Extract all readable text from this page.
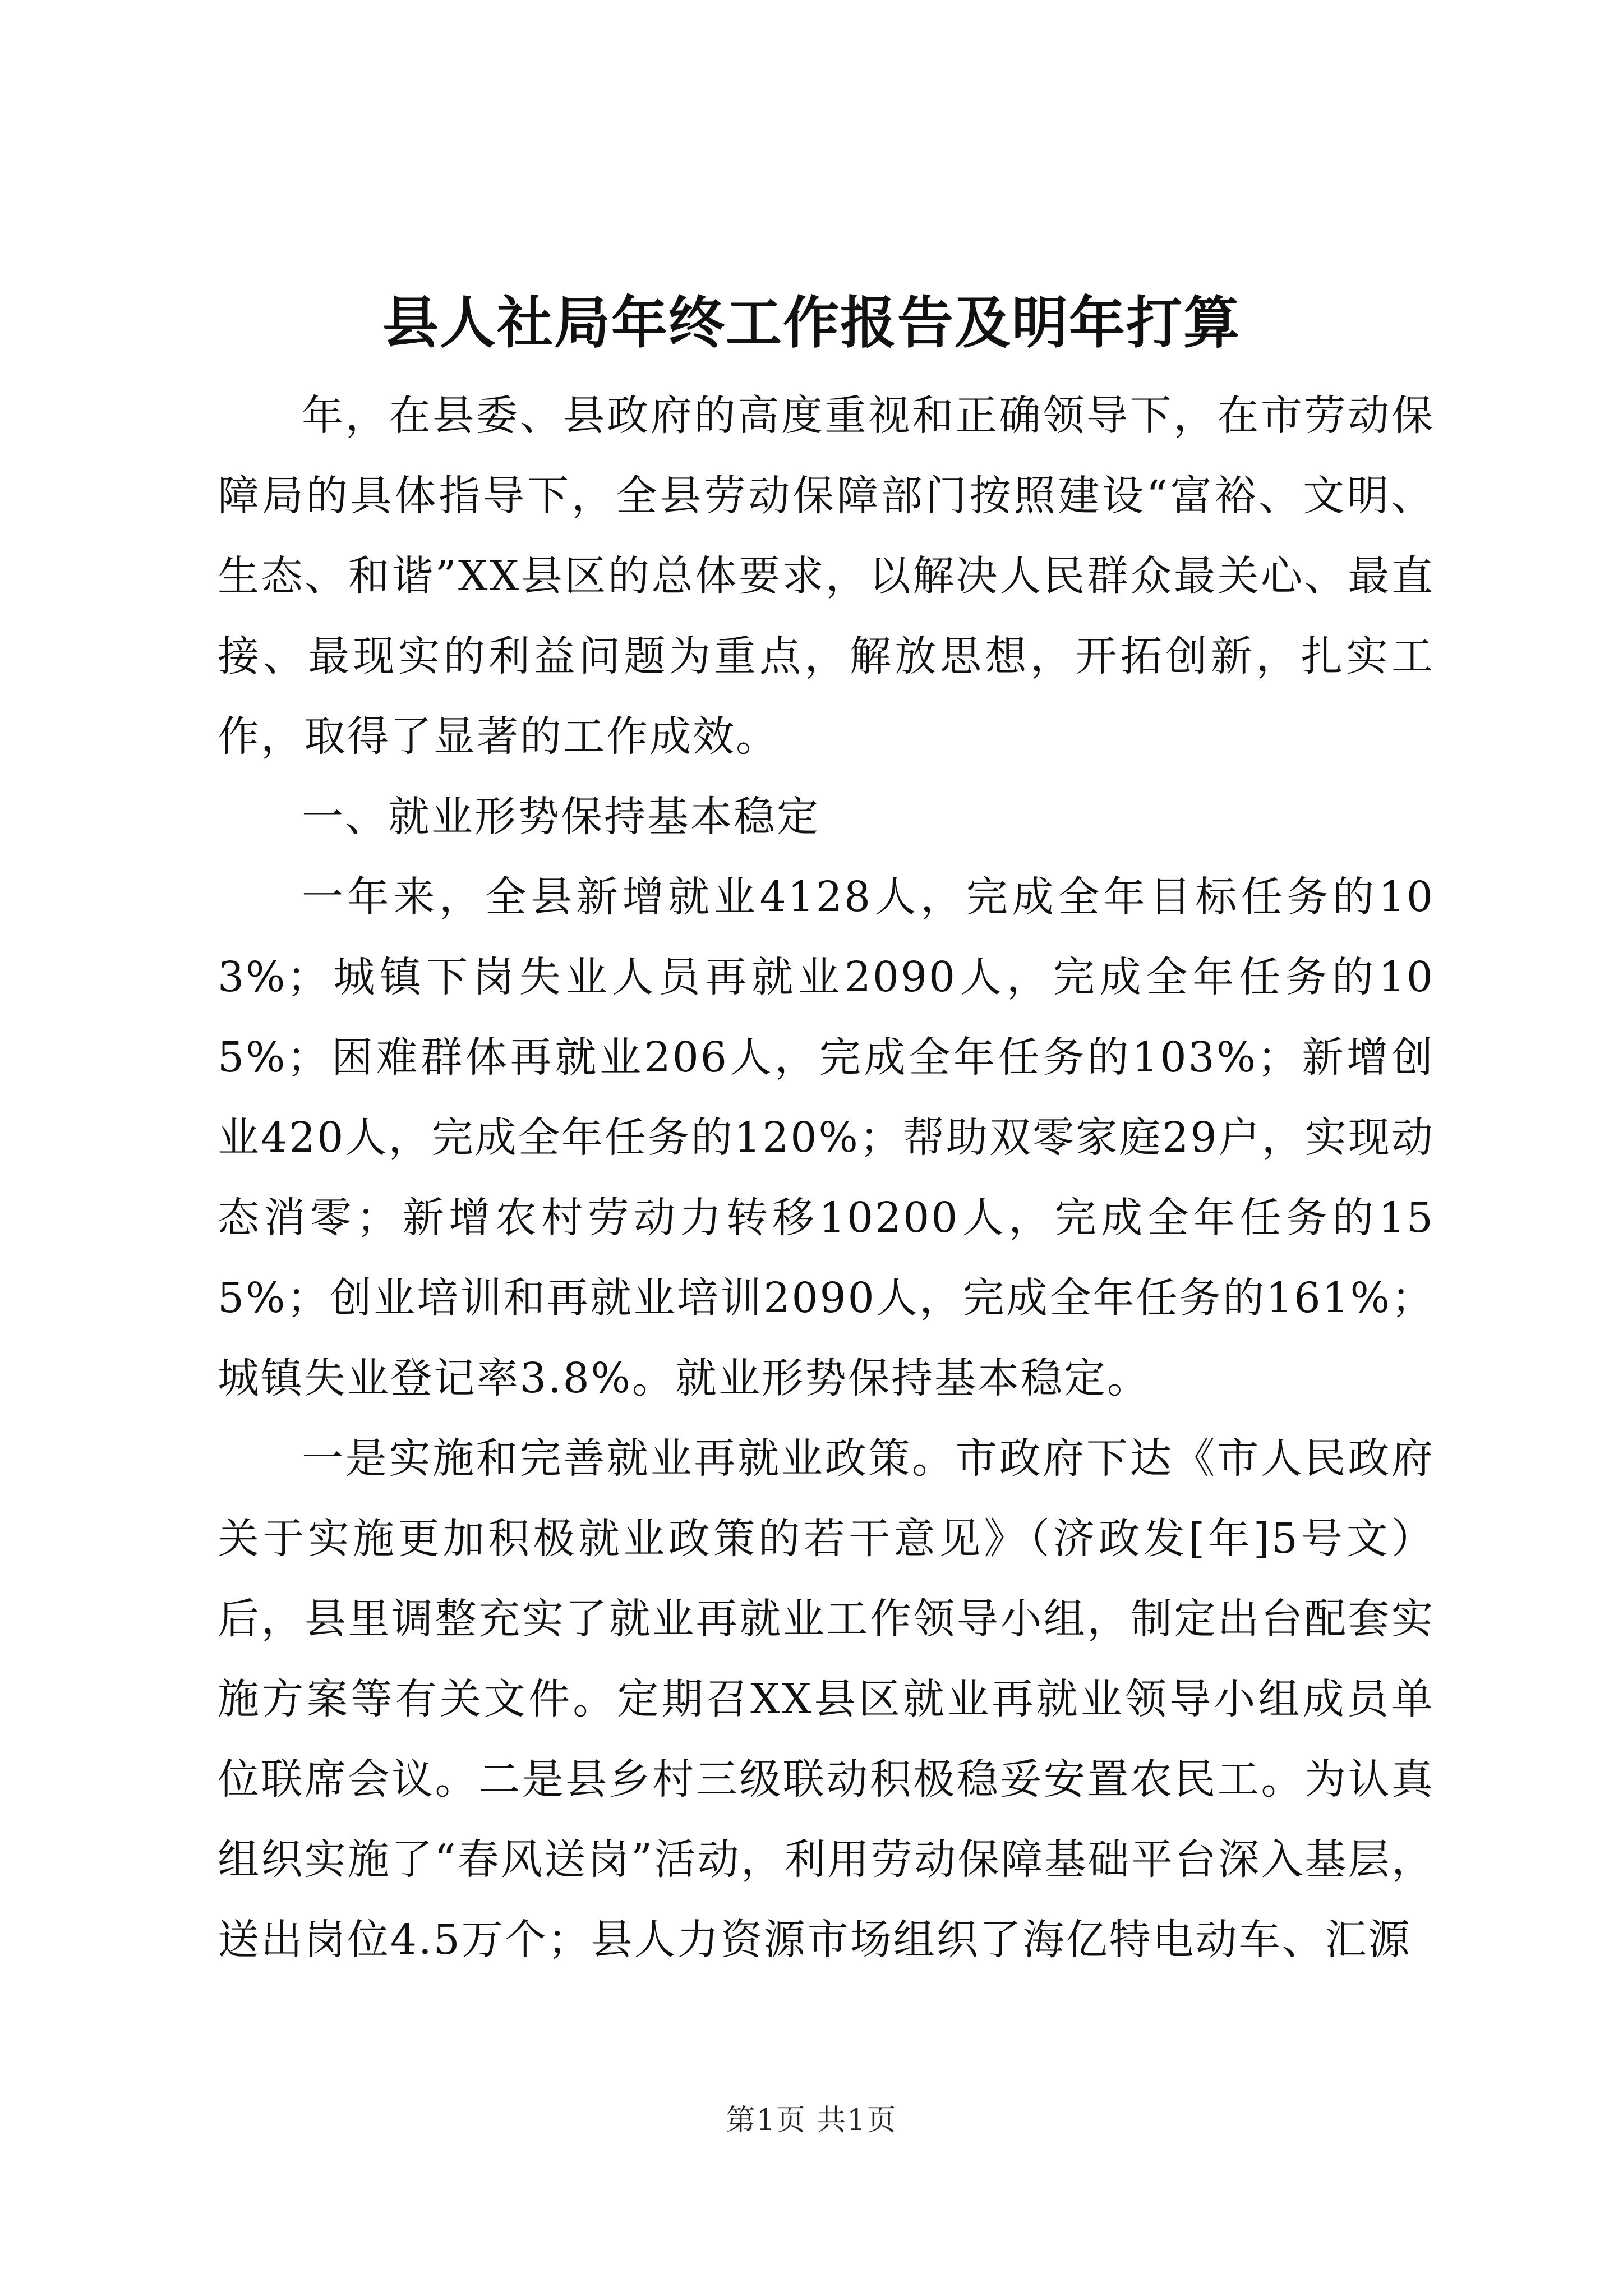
县人社局年终工作报告及明年打算

年，在县委、县政府的高度重视和正确领导下，在市劳动保障局的具体指导下，全县劳动保障部门按照建设“富裕、文明、生态、和谐”XX县区的总体要求，以解决人民群众最关心、最直接、最现实的利益问题为重点，解放思想，开拓创新，扎实工作，取得了显著的工作成效。

一、就业形势保持基本稳定

一年来，全县新增就业4128人，完成全年目标任务的103%；城镇下岗失业人员再就业2090人，完成全年任务的105%；困难群体再就业206人，完成全年任务的103%；新增创业420人，完成全年任务的120%；帮助双零家庭29户，实现动态消零；新增农村劳动力转移10200人，完成全年任务的155%；创业培训和再就业培训2090人，完成全年任务的161%；城镇失业登记率3.8%。就业形势保持基本稳定。

一是实施和完善就业再就业政策。市政府下达《市人民政府关于实施更加积极就业政策的若干意见》（济政发[年]5号文）后，县里调整充实了就业再就业工作领导小组，制定出台配套实施方案等有关文件。定期召XX县区就业再就业领导小组成员单位联席会议。二是县乡村三级联动积极稳妥安置农民工。为认真组织实施了“春风送岗”活动，利用劳动保障基础平台深入基层，送出岗位4.5万个；县人力资源市场组织了海亿特电动车、汇源

第1页 共1页
